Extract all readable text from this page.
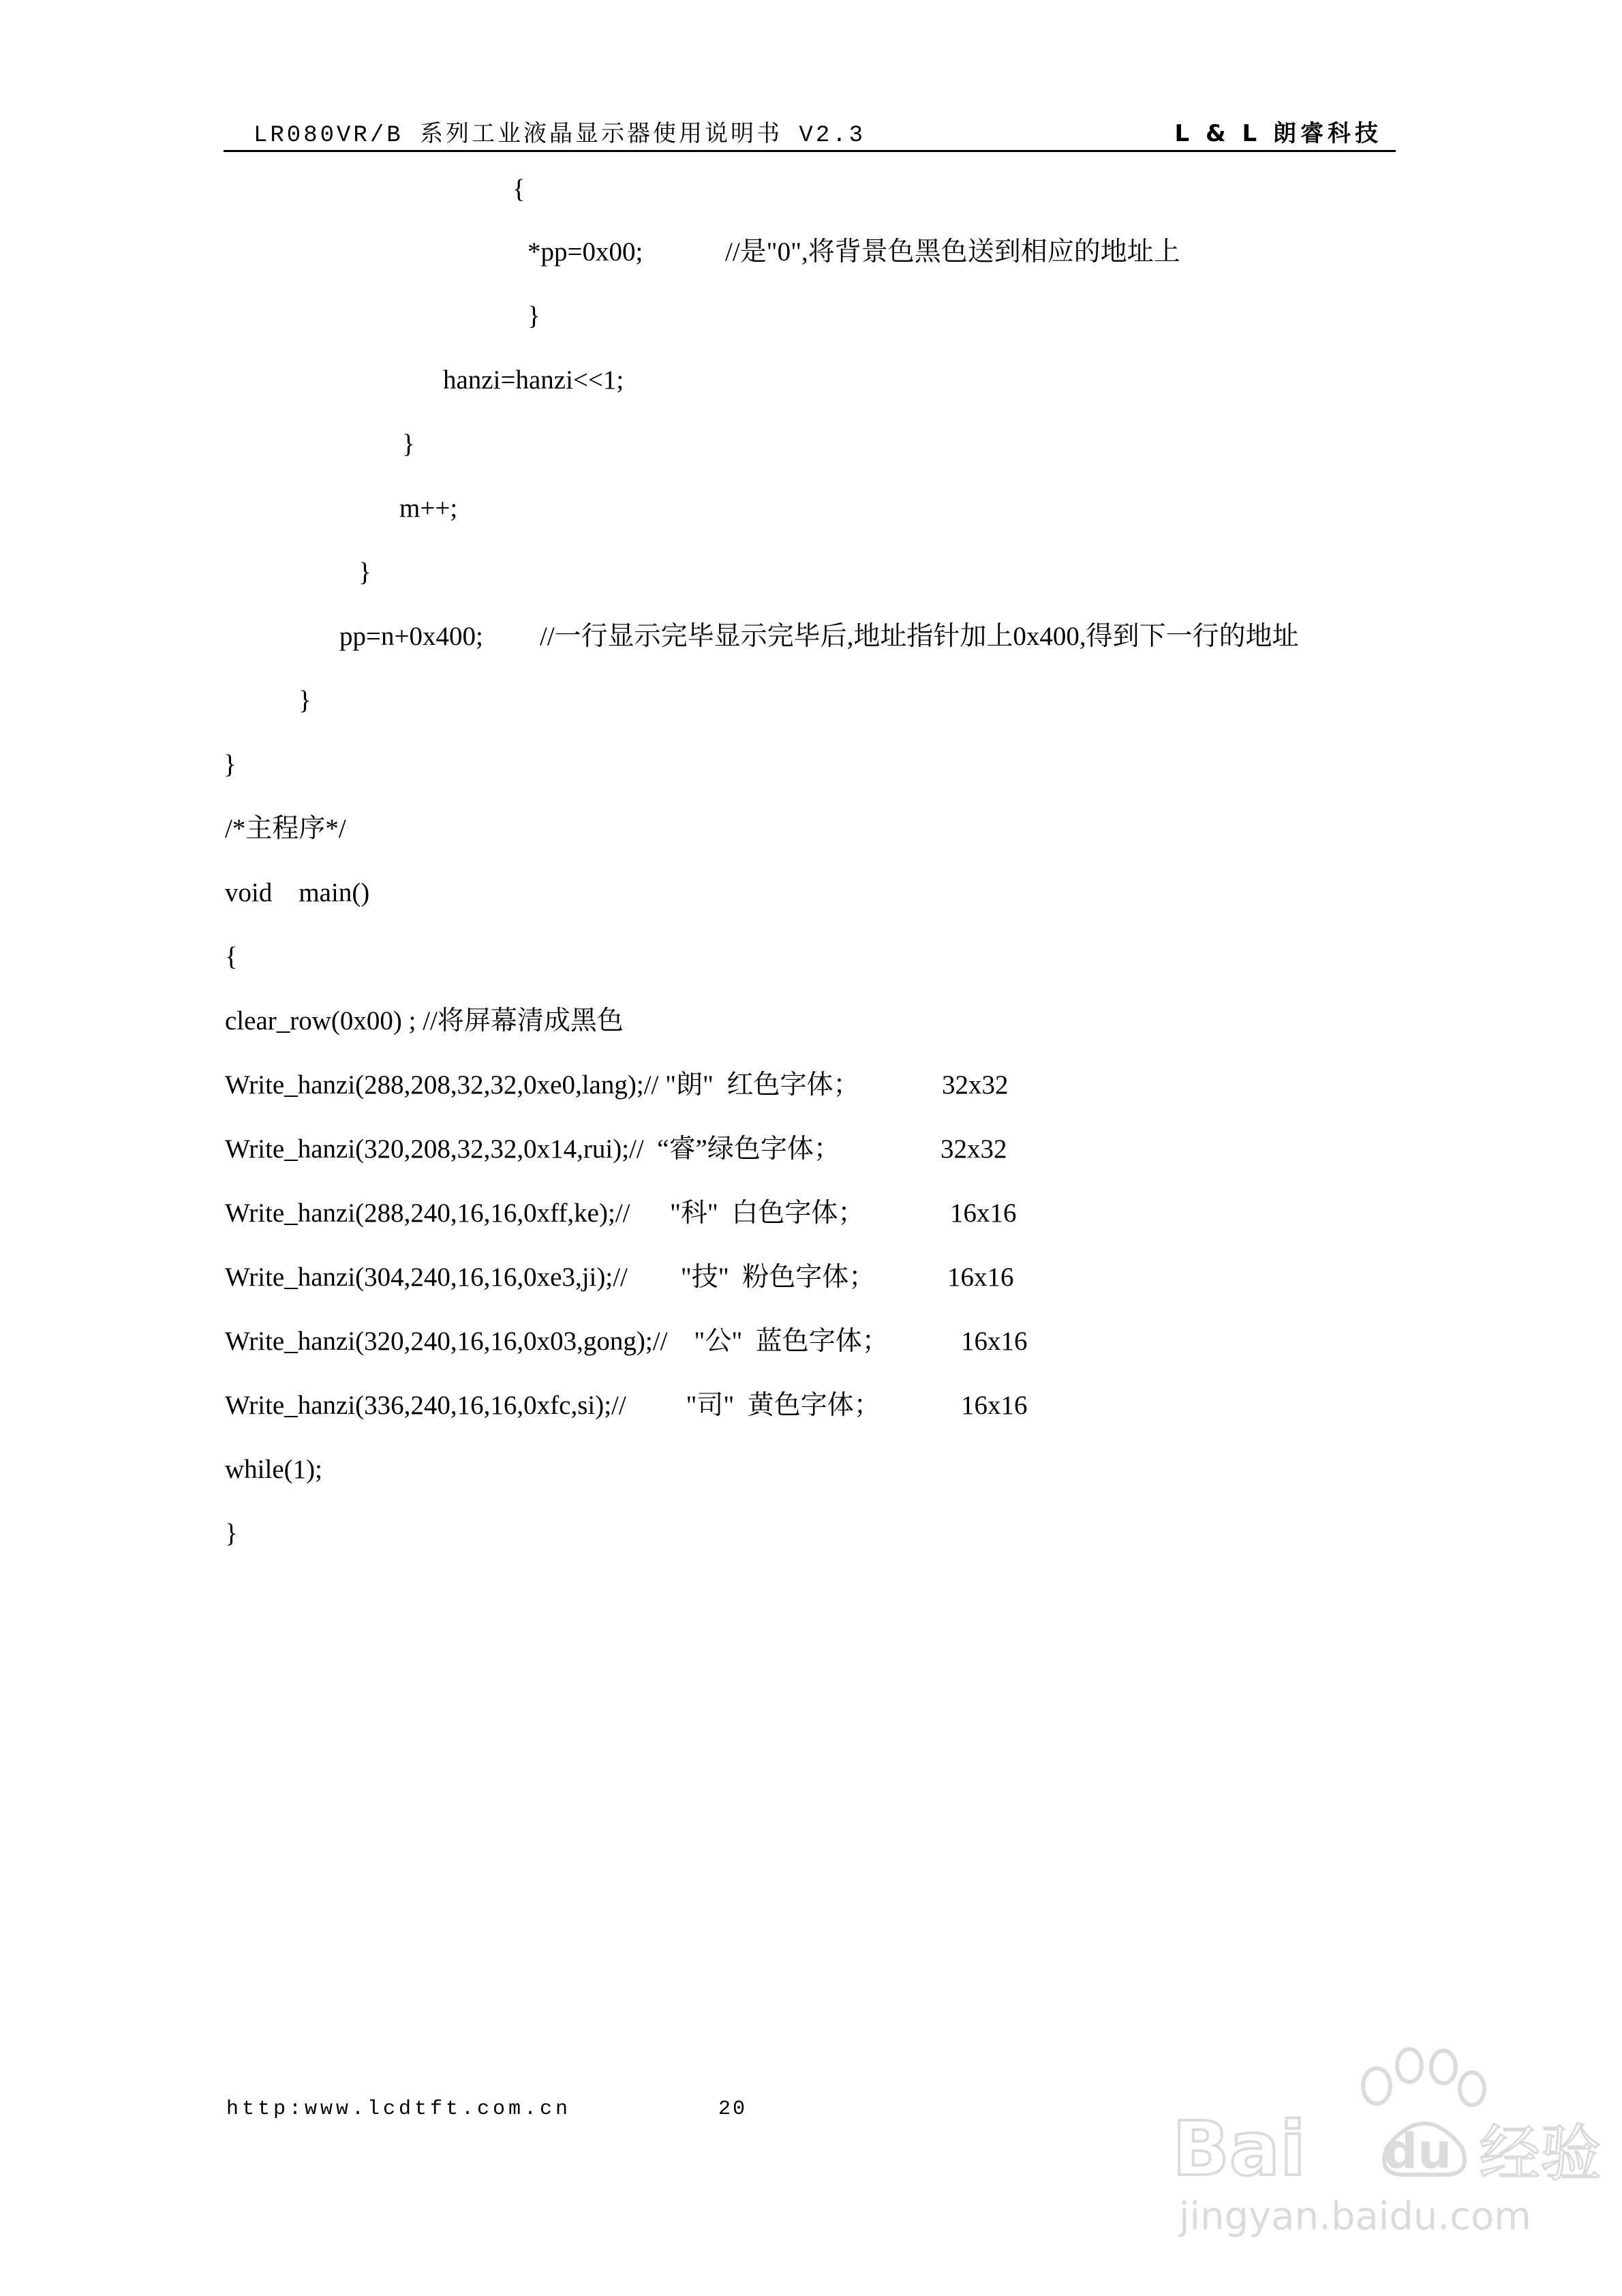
LR080VR/B 系列工业液晶显示器使用说明书 V2.3	L & L 朗睿科技
{
*pp=0x00;	//是"0",将背景色黑色送到相应的地址上
}
hanzi=hanzi<<1;
}
m++;
}
pp=n+0x400; //一行显示完毕显示完毕后,地址指针加上0x400,得到下一行的地址
}
}
/*主程序*/
void    main()
{
clear_row(0x00) ; //将屏幕清成黑色
Write_hanzi(288,208,32,32,0xe0,lang);// "朗"  红色字体；	32x32
Write_hanzi(320,208,32,32,0x14,rui);//  “睿”绿色字体；	32x32
Write_hanzi(288,240,16,16,0xff,ke);//      "科"  白色字体；	16x16
Write_hanzi(304,240,16,16,0xe3,ji);//        "技"  粉色字体；	16x16
Write_hanzi(320,240,16,16,0x03,gong);//    "公"  蓝色字体；	16x16
Write_hanzi(336,240,16,16,0xfc,si);//         "司"  黄色字体；	16x16
while(1);
}
http:www.lcdtft.com.cn	20	Bai du 经验
jingyan.baidu.com
